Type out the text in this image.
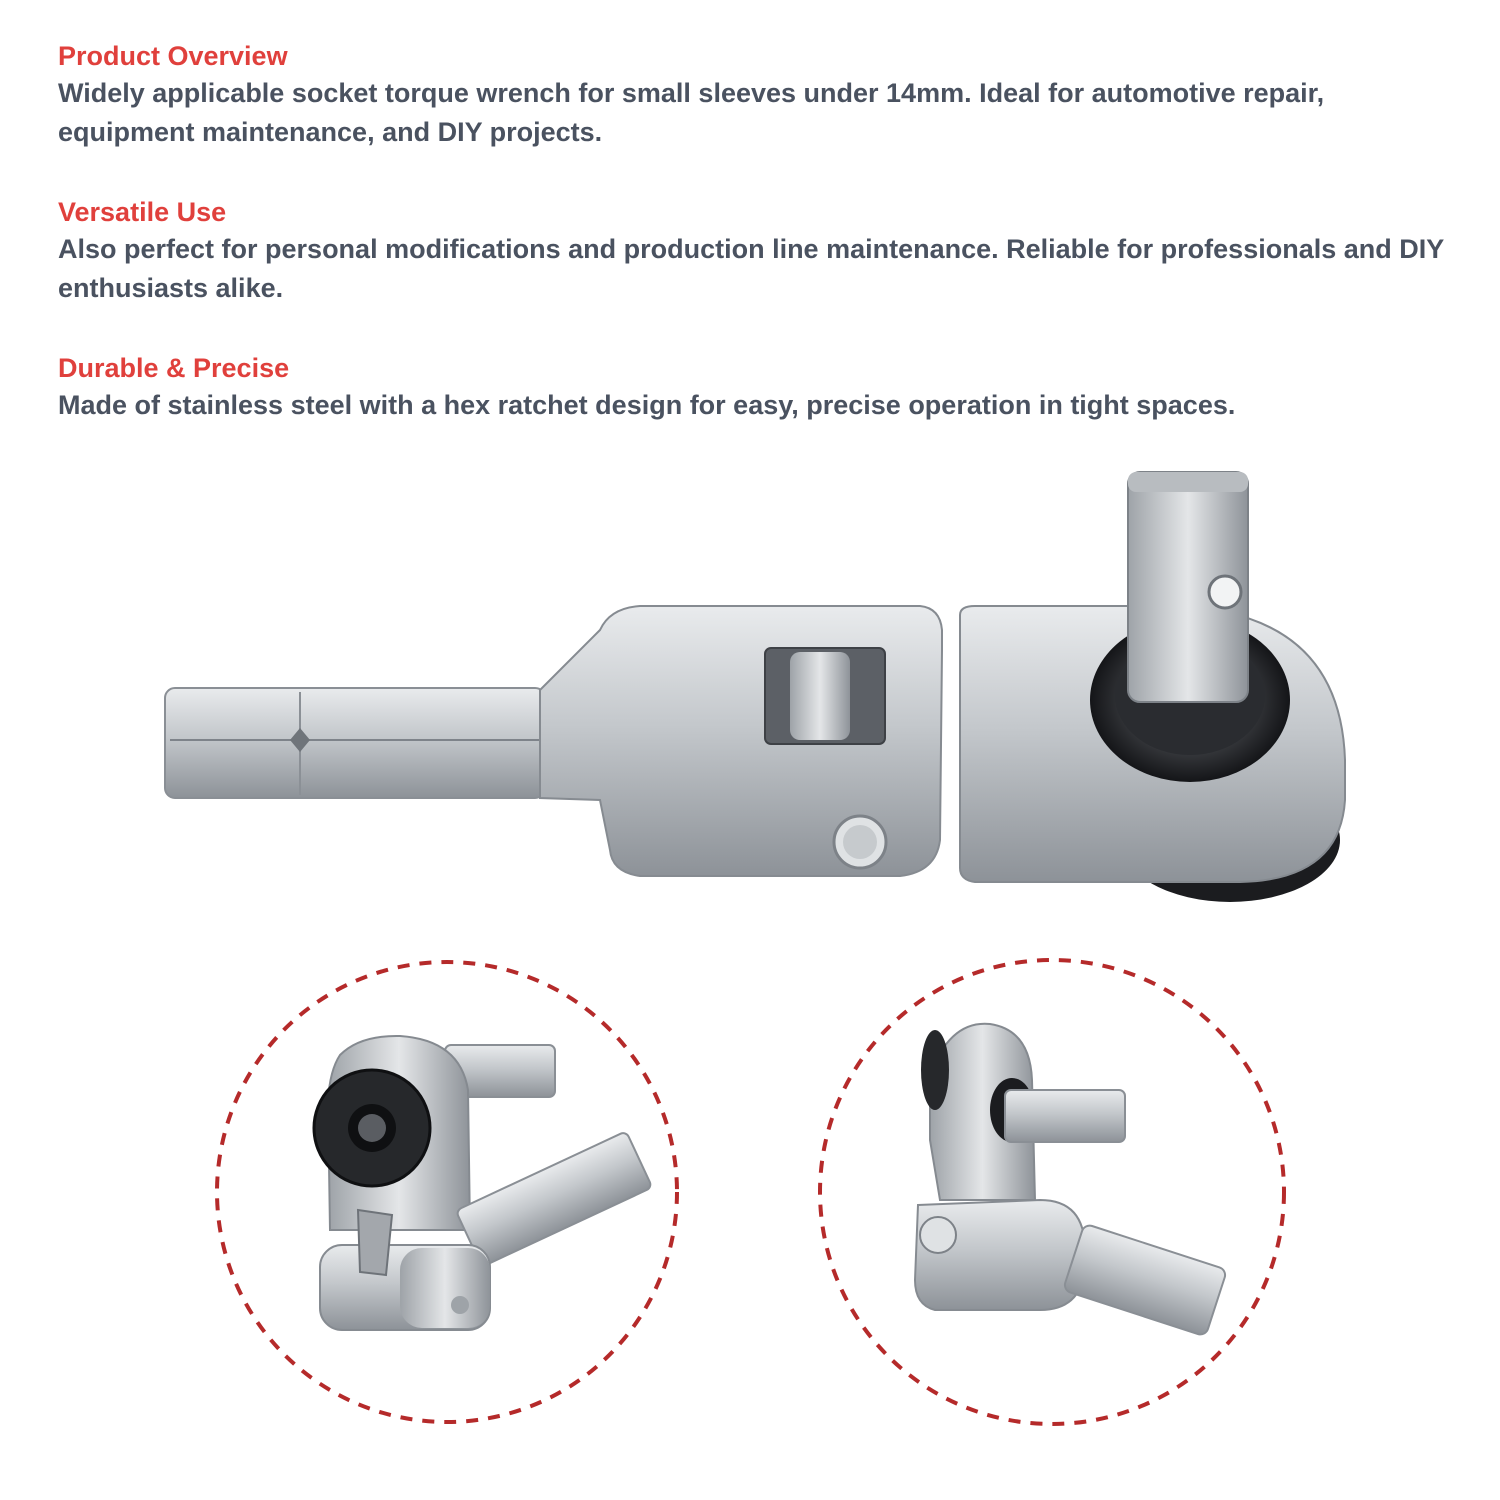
Product Overview

Widely applicable socket torque wrench for small sleeves under 14mm. Ideal for automotive repair, equipment maintenance, and DIY projects.

Versatile Use

Also perfect for personal modifications and production line maintenance. Reliable for professionals and DIY enthusiasts alike.

Durable & Precise

Made of stainless steel with a hex ratchet design for easy, precise operation in tight spaces.
